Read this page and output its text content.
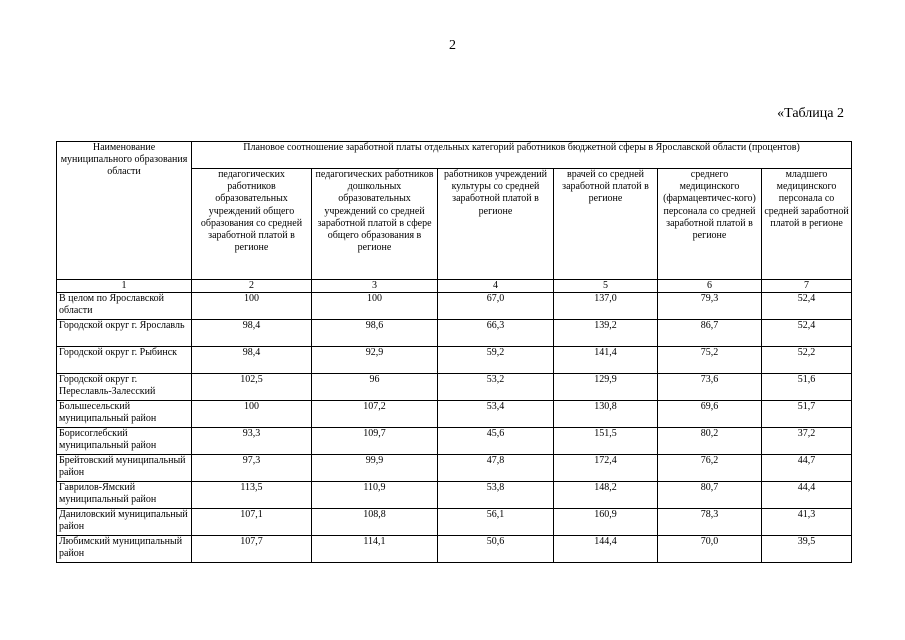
2
«Таблица 2
Наименование муниципального образования области	Плановое соотношение заработной платы отдельных категорий работников бюджетной сферы в Ярославской области (процентов)					
	педагогических работников образовательных учреждений общего образования со средней заработной платой в регионе	педагогических работников дошкольных образовательных учреждений со средней заработной платой в сфере общего образования в регионе	работников учреждений культуры со средней заработной платой в регионе	врачей со средней заработной платой в регионе	среднего медицинского (фармацевтичес-кого) персонала со средней заработной платой в регионе	младшего медицинского персонала со средней заработной платой в регионе
1	2	3	4	5	6	7
В целом по Ярославской области	100	100	67,0	137,0	79,3	52,4
Городской округ г. Ярославль	98,4	98,6	66,3	139,2	86,7	52,4
Городской округ г. Рыбинск	98,4	92,9	59,2	141,4	75,2	52,2
Городской округ г. Переславль-Залесский	102,5	96	53,2	129,9	73,6	51,6
Большесельский муниципальный район	100	107,2	53,4	130,8	69,6	51,7
Борисоглебский муниципальный район	93,3	109,7	45,6	151,5	80,2	37,2
Брейтовский муниципальный район	97,3	99,9	47,8	172,4	76,2	44,7
Гаврилов-Ямский муниципальный район	113,5	110,9	53,8	148,2	80,7	44,4
Даниловский муниципальный район	107,1	108,8	56,1	160,9	78,3	41,3
Любимский муниципальный район	107,7	114,1	50,6	144,4	70,0	39,5
